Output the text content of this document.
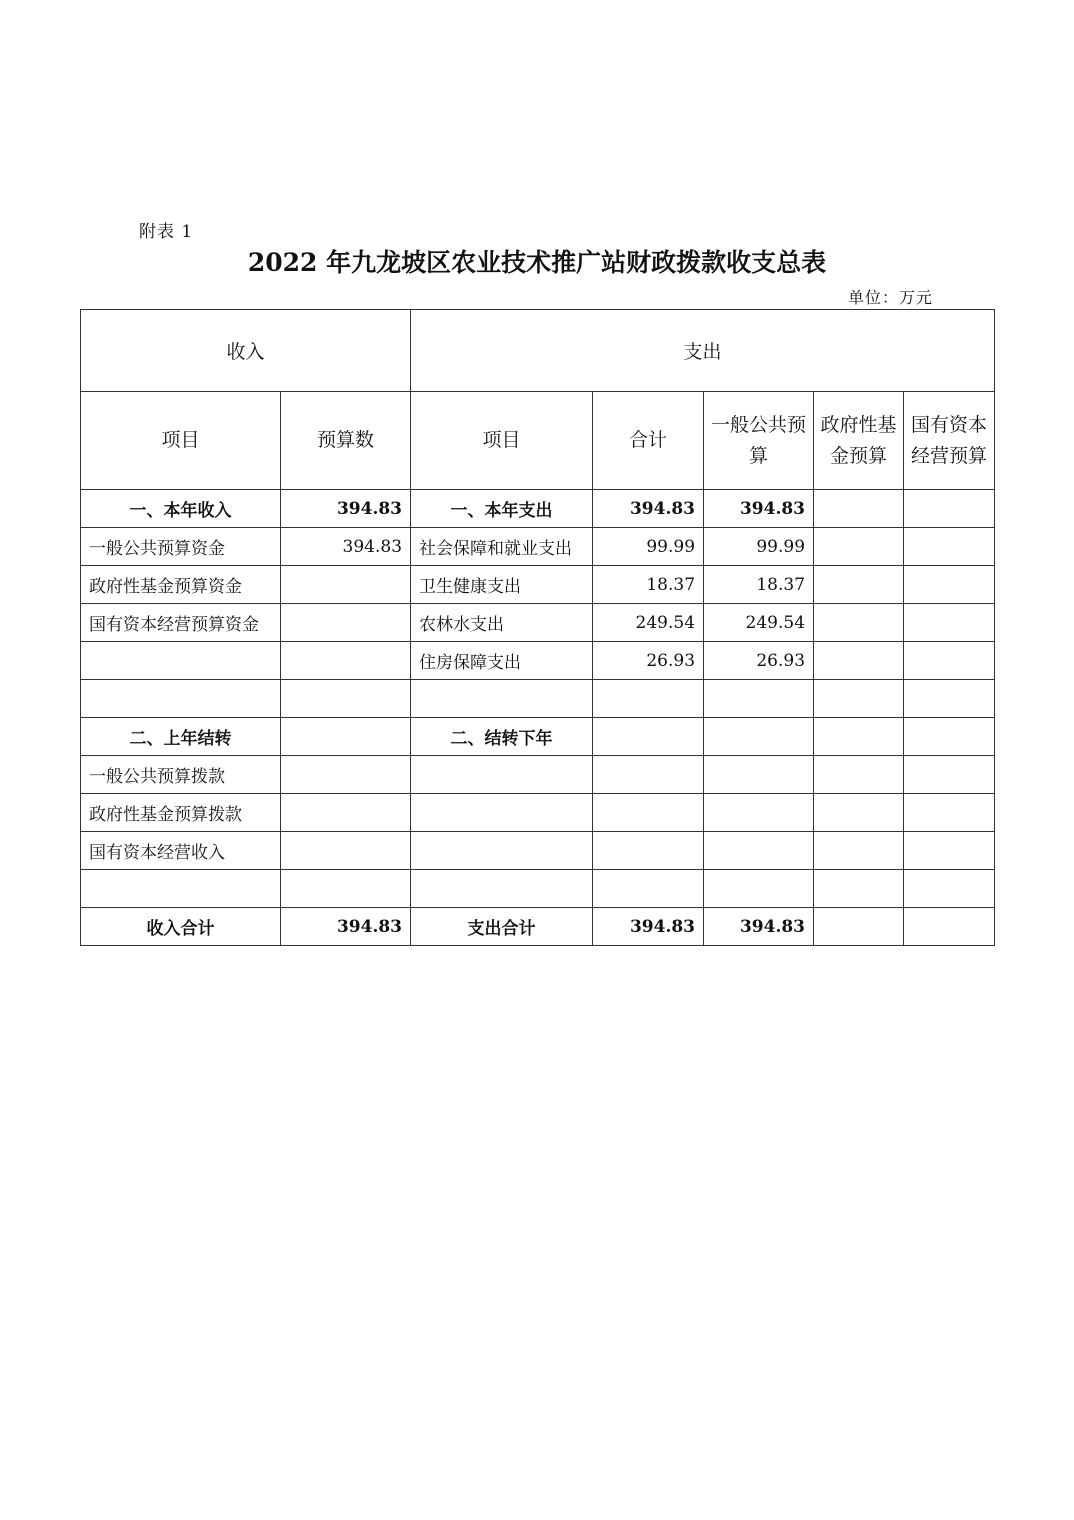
附表 1
2022 年九龙坡区农业技术推广站财政拨款收支总表
单位：万元
收入		支出				
项目	预算数	项目	合计	一般公共预算	政府性基金预算	国有资本经营预算
一、本年收入	394.83	一、本年支出	394.83	394.83		
一般公共预算资金	394.83	社会保障和就业支出	99.99	99.99		
政府性基金预算资金		卫生健康支出	18.37	18.37		
国有资本经营预算资金		农林水支出	249.54	249.54		
		住房保障支出	26.93	26.93		

二、上年结转		二、结转下年				
一般公共预算拨款						
政府性基金预算拨款						
国有资本经营收入						

收入合计	394.83	支出合计	394.83	394.83		
